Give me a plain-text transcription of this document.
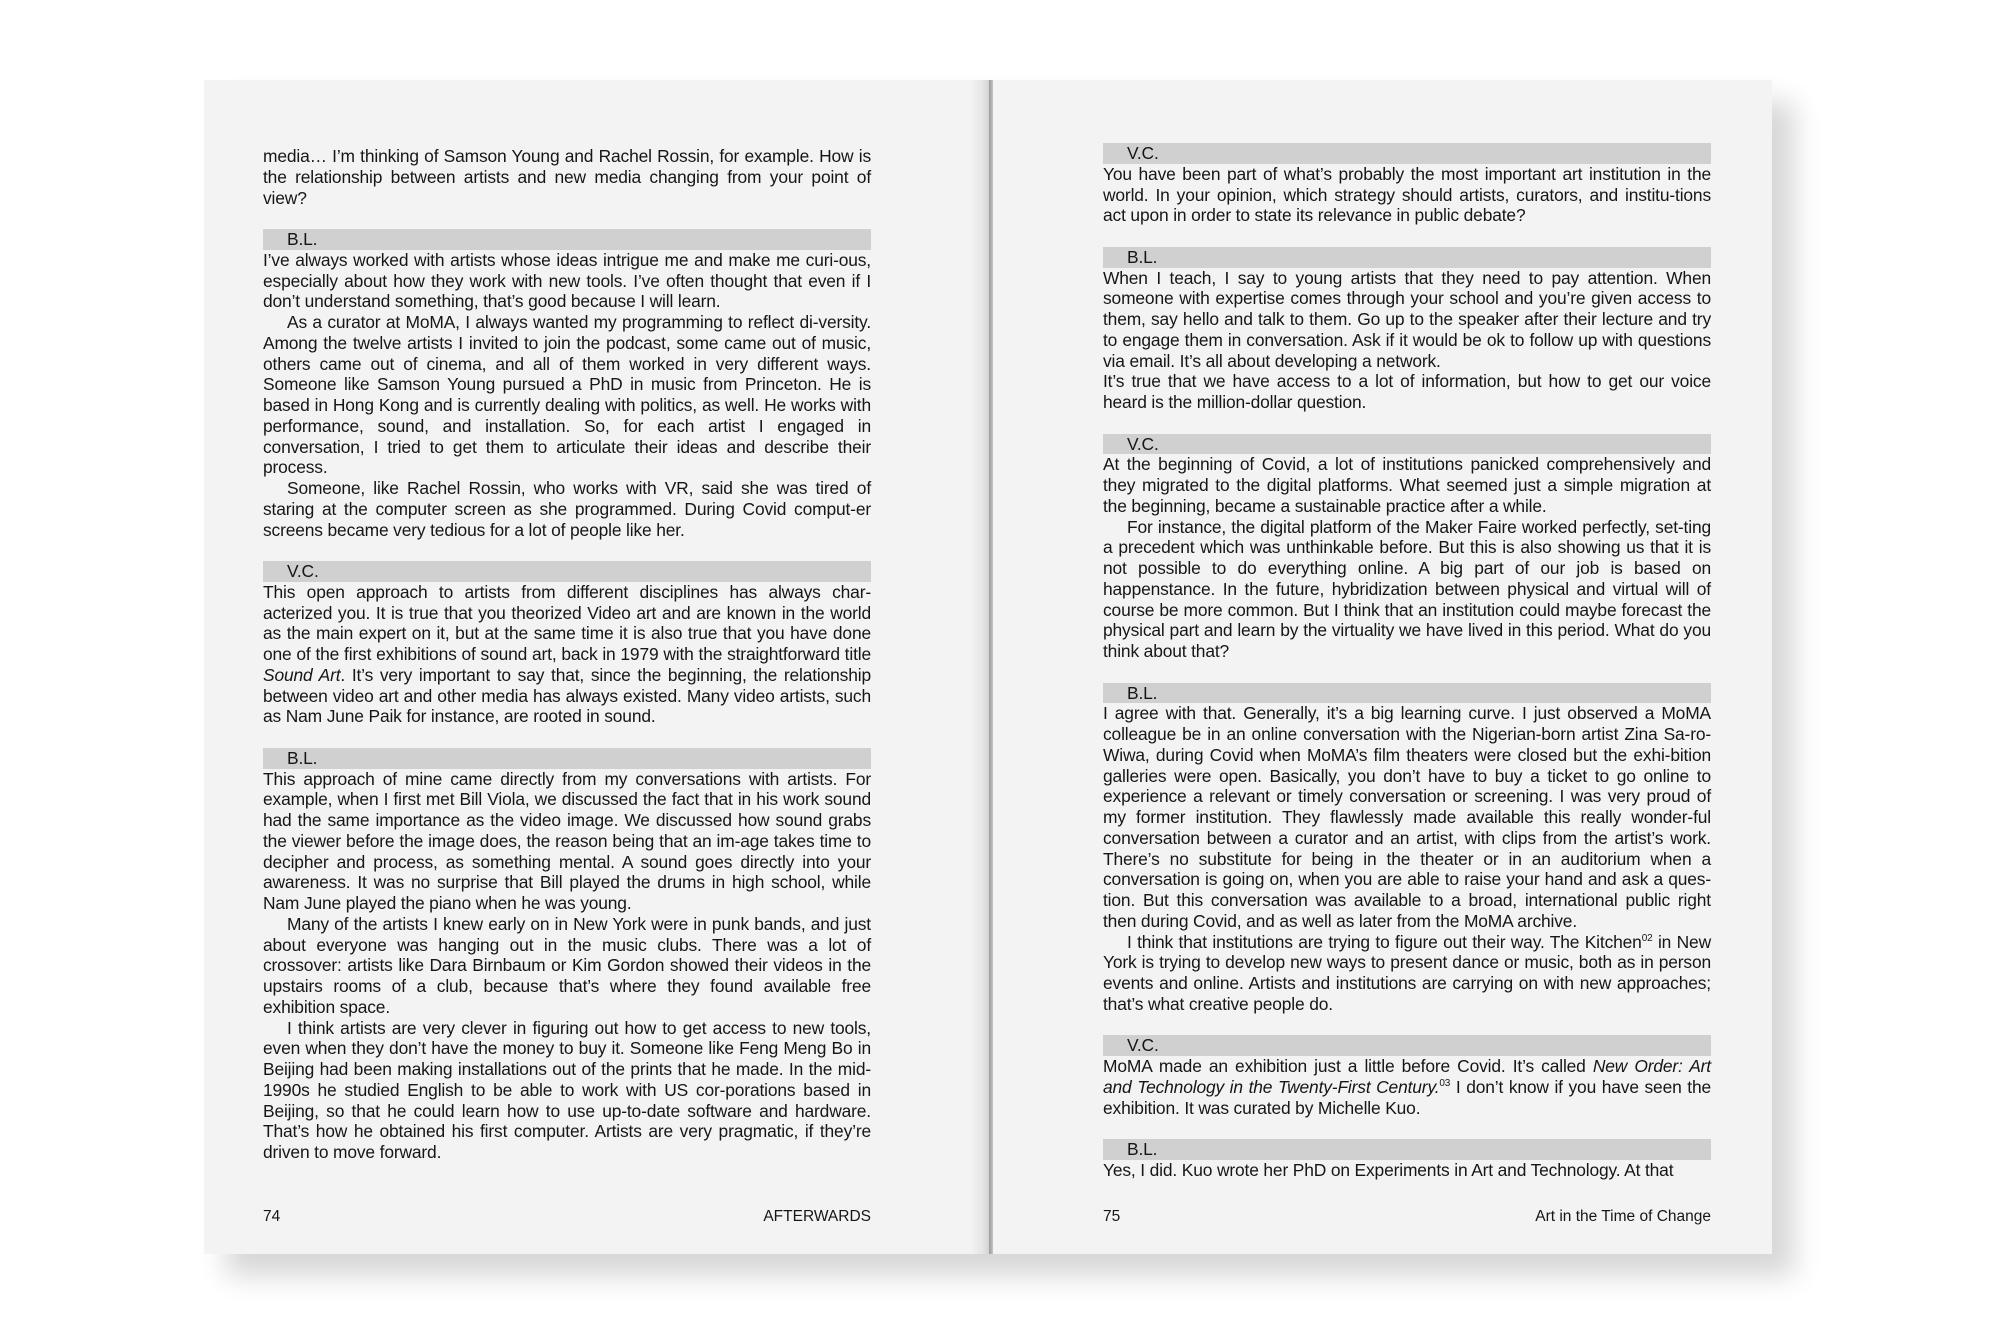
media… I’m thinking of Samson Young and Rachel Rossin, for example. How is the relationship between artists and new media changing from your point of view?

B.L.

I’ve always worked with artists whose ideas intrigue me and make me curi-ous, especially about how they work with new tools. I’ve often thought that even if I don’t understand something, that’s good because I will learn.

As a curator at MoMA, I always wanted my programming to reflect di-versity. Among the twelve artists I invited to join the podcast, some came out of music, others came out of cinema, and all of them worked in very different ways. Someone like Samson Young pursued a PhD in music from Princeton. He is based in Hong Kong and is currently dealing with politics, as well. He works with performance, sound, and installation. So, for each artist I engaged in conversation, I tried to get them to articulate their ideas and describe their process.

Someone, like Rachel Rossin, who works with VR, said she was tired of staring at the computer screen as she programmed. During Covid comput-er screens became very tedious for a lot of people like her.

V.C.

This open approach to artists from different disciplines has always char-acterized you. It is true that you theorized Video art and are known in the world as the main expert on it, but at the same time it is also true that you have done one of the first exhibitions of sound art, back in 1979 with the straightforward title Sound Art. It’s very important to say that, since the beginning, the relationship between video art and other media has always existed. Many video artists, such as Nam June Paik for instance, are rooted in sound.

B.L.

This approach of mine came directly from my conversations with artists. For example, when I first met Bill Viola, we discussed the fact that in his work sound had the same importance as the video image. We discussed how sound grabs the viewer before the image does, the reason being that an im-age takes time to decipher and process, as something mental. A sound goes directly into your awareness. It was no surprise that Bill played the drums in high school, while Nam June played the piano when he was young.

Many of the artists I knew early on in New York were in punk bands, and just about everyone was hanging out in the music clubs. There was a lot of crossover: artists like Dara Birnbaum or Kim Gordon showed their videos in the upstairs rooms of a club, because that’s where they found available free exhibition space.

I think artists are very clever in figuring out how to get access to new tools, even when they don’t have the money to buy it. Someone like Feng Meng Bo in Beijing had been making installations out of the prints that he made. In the mid-1990s he studied English to be able to work with US cor-porations based in Beijing, so that he could learn how to use up-to-date software and hardware. That’s how he obtained his first computer. Artists are very pragmatic, if they’re driven to move forward.

74	AFTERWARDS
V.C.

You have been part of what’s probably the most important art institution in the world. In your opinion, which strategy should artists, curators, and institu-tions act upon in order to state its relevance in public debate?

B.L.

When I teach, I say to young artists that they need to pay attention. When someone with expertise comes through your school and you’re given access to them, say hello and talk to them. Go up to the speaker after their lecture and try to engage them in conversation. Ask if it would be ok to follow up with questions via email. It’s all about developing a network.

It’s true that we have access to a lot of information, but how to get our voice heard is the million-dollar question.

V.C.

At the beginning of Covid, a lot of institutions panicked comprehensively and they migrated to the digital platforms. What seemed just a simple migration at the beginning, became a sustainable practice after a while.

For instance, the digital platform of the Maker Faire worked perfectly, set-ting a precedent which was unthinkable before. But this is also showing us that it is not possible to do everything online. A big part of our job is based on happenstance. In the future, hybridization between physical and virtual will of course be more common. But I think that an institution could maybe forecast the physical part and learn by the virtuality we have lived in this period. What do you think about that?

B.L.

I agree with that. Generally, it’s a big learning curve. I just observed a MoMA colleague be in an online conversation with the Nigerian-born artist Zina Sa-ro-Wiwa, during Covid when MoMA’s film theaters were closed but the exhi-bition galleries were open. Basically, you don’t have to buy a ticket to go online to experience a relevant or timely conversation or screening. I was very proud of my former institution. They flawlessly made available this really wonder-ful conversation between a curator and an artist, with clips from the artist’s work. There’s no substitute for being in the theater or in an auditorium when a conversation is going on, when you are able to raise your hand and ask a ques-tion. But this conversation was available to a broad, international public right then during Covid, and as well as later from the MoMA archive.

I think that institutions are trying to figure out their way. The Kitchen$^{02}$ in New York is trying to develop new ways to present dance or music, both as in person events and online. Artists and institutions are carrying on with new approaches; that’s what creative people do.

V.C.

MoMA made an exhibition just a little before Covid. It’s called New Order: Art and Technology in the Twenty-First Century.$^{03}$ I don’t know if you have seen the exhibition. It was curated by Michelle Kuo.

B.L.

Yes, I did. Kuo wrote her PhD on Experiments in Art and Technology. At that

75	Art in the Time of Change
